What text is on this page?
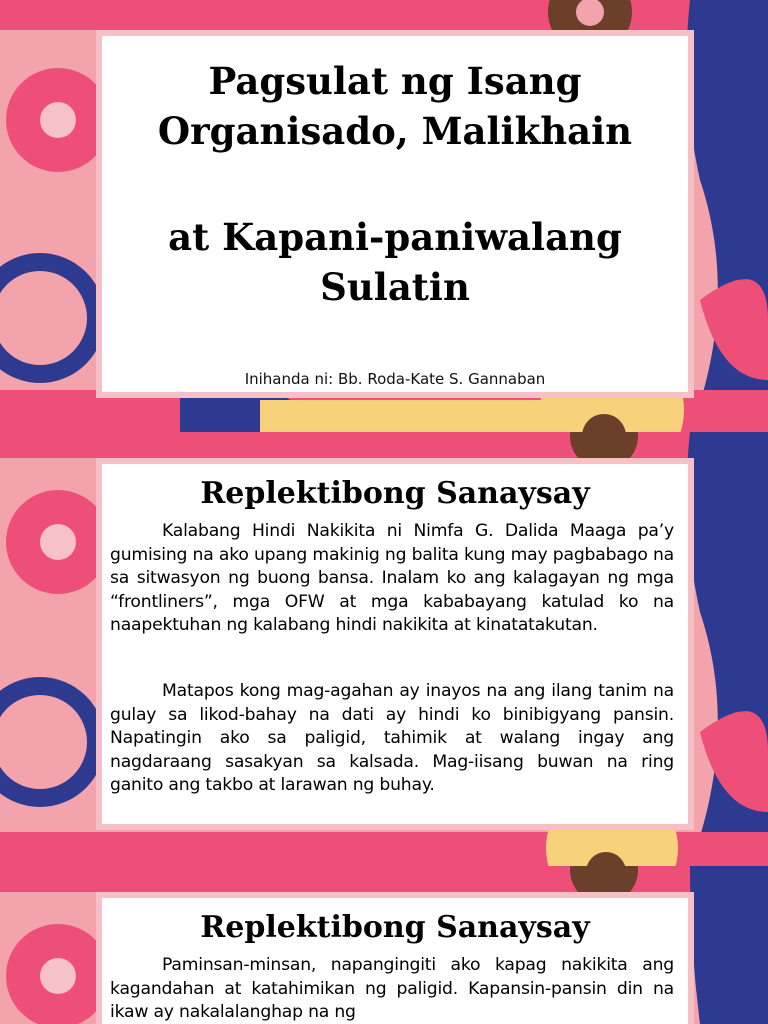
Pagsulat ng Isang
Organisado, Malikhain
at Kapani-paniwalang
Sulatin
Inihanda ni: Bb. Roda-Kate S. Gannaban
Replektibong Sanaysay

Kalabang Hindi Nakikita ni Nimfa G. Dalida Maaga pa’y gumising na ako upang makinig ng balita kung may pagbabago na sa sitwasyon ng buong bansa. Inalam ko ang kalagayan ng mga “frontliners”, mga OFW at mga kababayang katulad ko na naapektuhan ng kalabang hindi nakikita at kinatatakutan.

Matapos kong mag-agahan ay inayos na ang ilang tanim na gulay sa likod-bahay na dati ay hindi ko binibigyang pansin. Napatingin ako sa paligid, tahimik at walang ingay ang nagdaraang sasakyan sa kalsada. Mag-iisang buwan na ring ganito ang takbo at larawan ng buhay.

Replektibong Sanaysay

Paminsan-minsan, napangingiti ako kapag nakikita ang kagandahan at katahimikan ng paligid. Kapansin-pansin din na ikaw ay nakalalanghap na ng
